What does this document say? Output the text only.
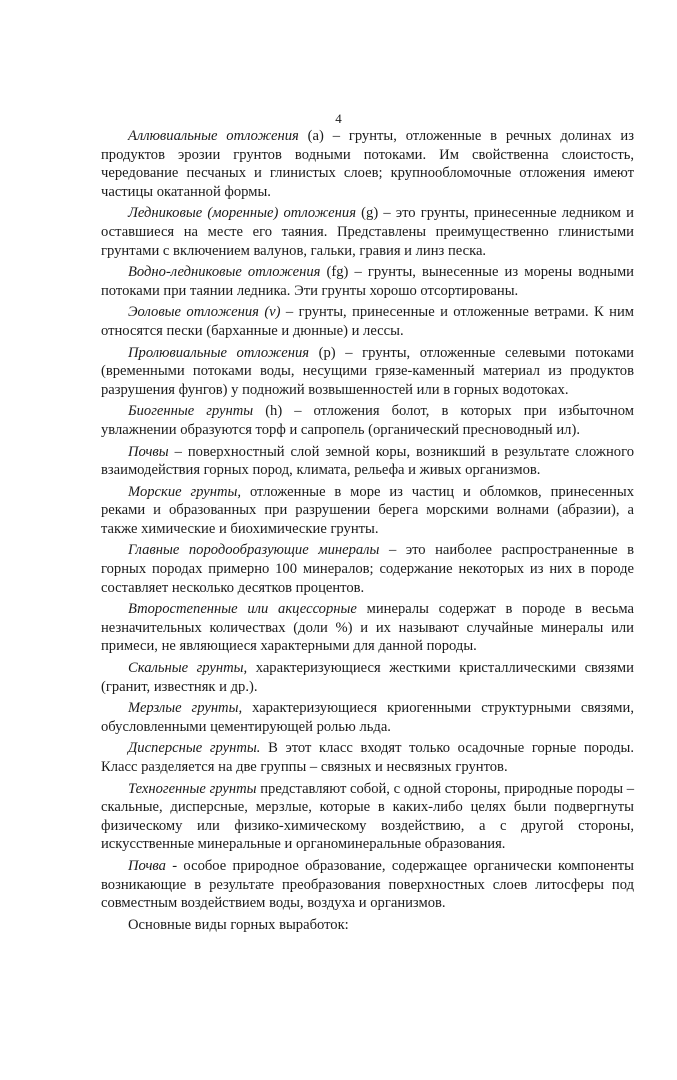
4

Аллювиальные отложения (a) – грунты, отложенные в речных долинах из продуктов эрозии грунтов водными потоками. Им свойственна слоистость, чередование песчаных и глинистых слоев; крупнообломочные отложения имеют частицы окатанной формы.

Ледниковые (моренные) отложения (g) – это грунты, принесенные ледником и оставшиеся на месте его таяния. Представлены преимущественно глинистыми грунтами с включением валунов, гальки, гравия и линз песка.

Водно-ледниковые отложения (fg) – грунты, вынесенные из морены водными потоками при таянии ледника. Эти грунты хорошо отсортированы.

Эоловые отложения (v) – грунты, принесенные и отложенные ветрами. К ним относятся пески (барханные и дюнные) и лессы.

Пролювиальные отложения (p) – грунты, отложенные селевыми потоками (временными потоками воды, несущими грязе-каменный материал из продуктов разрушения фунгов) у подножий возвышенностей или в горных водотоках.

Биогенные грунты (h) – отложения болот, в которых при избыточном увлажнении образуются торф и сапропель (органический пресноводный ил).

Почвы – поверхностный слой земной коры, возникший в результате сложного взаимодействия горных пород, климата, рельефа и живых организмов.

Морские грунты, отложенные в море из частиц и обломков, принесенных реками и образованных при разрушении берега морскими волнами (абразии), а также химические и биохимические грунты.

Главные породообразующие минералы – это наиболее распространенные в горных породах примерно 100 минералов; содержание некоторых из них в породе составляет несколько десятков процентов.

Второстепенные или акцессорные минералы содержат в породе в весьма незначительных количествах (доли %) и их называют случайные минералы или примеси, не являющиеся характерными для данной породы.

Скальные грунты, характеризующиеся жесткими кристаллическими связями (гранит, известняк и др.).

Мерзлые грунты, характеризующиеся криогенными структурными связями, обусловленными цементирующей ролью льда.

Дисперсные грунты. В этот класс входят только осадочные горные породы. Класс разделяется на две группы – связных и несвязных грунтов.

Техногенные грунты представляют собой, с одной стороны, природные породы – скальные, дисперсные, мерзлые, которые в каких-либо целях были подвергнуты физическому или физико-химическому воздействию, а с другой стороны, искусственные минеральные и органоминеральные образования.

Почва - особое природное образование, содержащее органически компоненты возникающие в результате преобразования поверхностных слоев литосферы под совместным воздействием воды, воздуха и организмов.

Основные виды горных выработок:
